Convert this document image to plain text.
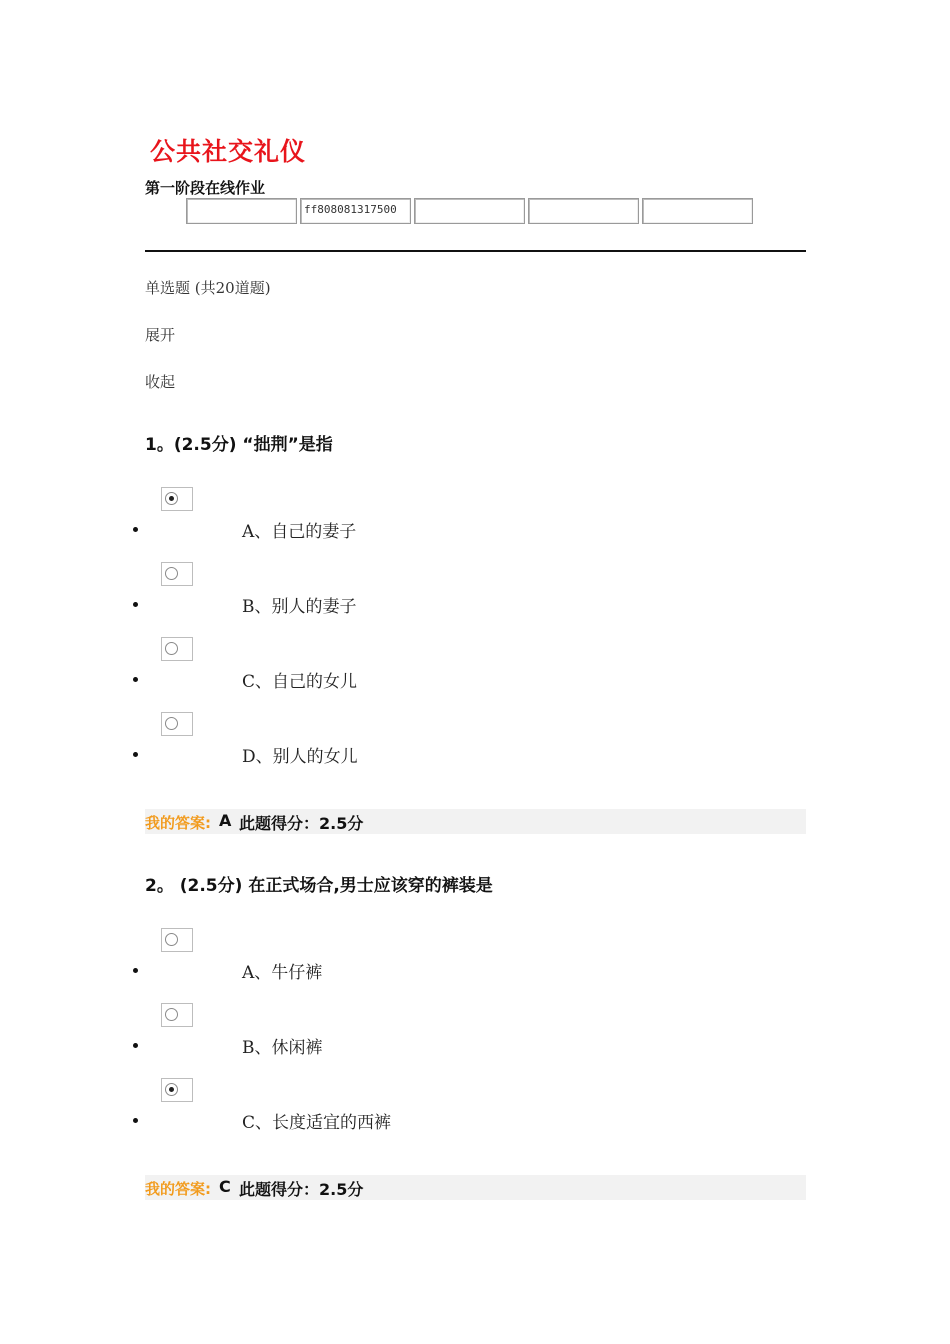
公共社交礼仪
第一阶段在线作业
ff808081317500
单选题 (共20道题)
展开
收起
1。(2.5分) “拙荆”是指
A、自己的妻子
B、别人的妻子
C、自己的女儿
D、别人的女儿
我的答案: A 此题得分：2.5分
2。 (2.5分) 在正式场合,男士应该穿的裤装是
A、牛仔裤
B、休闲裤
C、长度适宜的西裤
我的答案: C 此题得分：2.5分
